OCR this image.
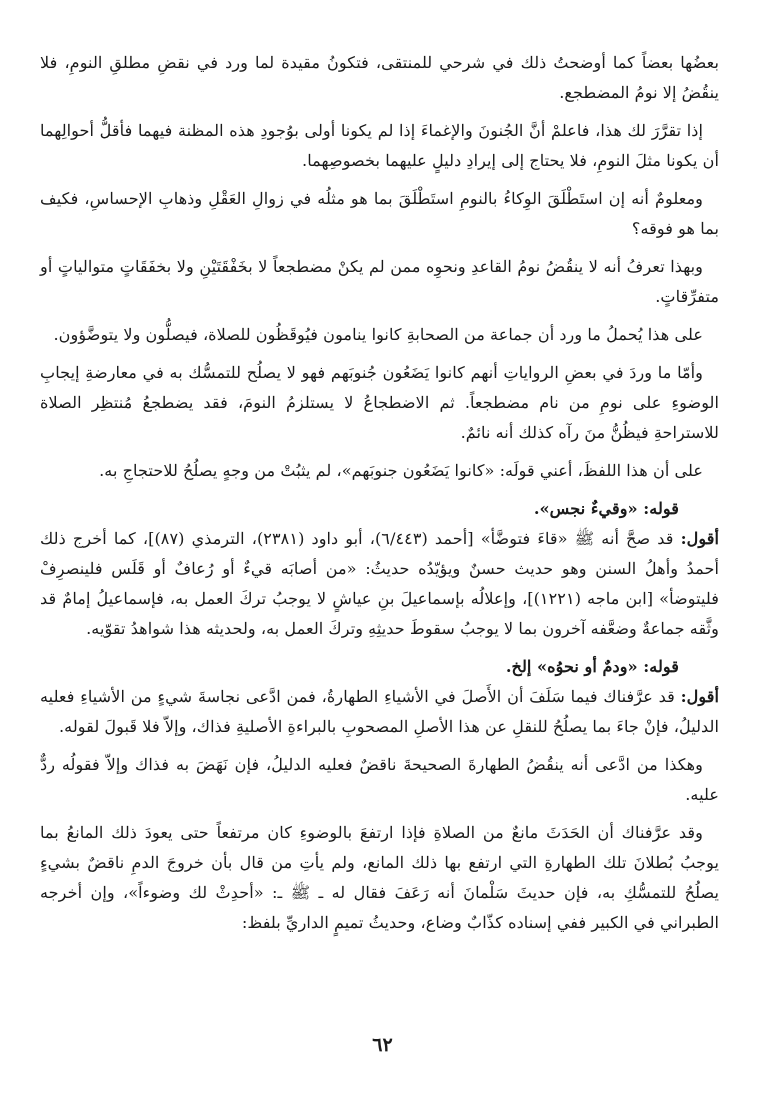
بعضُها بعضاً كما أوضحتُ ذلك في شرحي للمنتقى، فتكونُ مقيدة لما ورد في نقضِ مطلقِ النومِ، فلا ينقُضُ إلا نومُ المضطجع.

إذا تقرَّرَ لك هذا، فاعلمْ أنَّ الجُنونَ والإغماءَ إذا لم يكونا أولى بوُجودِ هذه المظنة فيهما فأقلُّ أحوالِهما أن يكونا مثلَ النومِ، فلا يحتاج إلى إيرادِ دليلٍ عليهما بخصوصِهما.

ومعلومٌ أنه إن استَطْلَقَ الوِكاءُ بالنومِ استَطْلَقَ بما هو مثلُه في زوالِ العَقْلِ وذهابِ الإحساسِ، فكيف بما هو فوقه؟

وبهذا تعرفُ أنه لا ينقُضُ نومُ القاعدِ ونحوِه ممن لم يكنْ مضطجعاً لا بخَفْقَتَيْنِ ولا بخفَقَاتٍ متوالياتٍ أو متفرِّقاتٍ.

على هذا يُحملُ ما ورد أن جماعة من الصحابةِ كانوا ينامون فيُوقَظُون للصلاة، فيصلُّون ولا يتوضَّؤون.

وأمّا ما وردَ في بعضِ الرواياتِ أنهم كانوا يَضَعُون جُنوبَهم فهو لا يصلُح للتمسُّك به في معارضةِ إيجابِ الوضوءِ على نومِ من نام مضطجعاً. ثم الاضطجاعُ لا يستلزمُ النومَ، فقد يضطجعُ مُنتظِر الصلاة للاستراحةِ فيظُنُّ منَ رآه كذلك أنه نائمٌ.

على أن هذا اللفظَ، أعني قولَه: «كانوا يَضَعُون جنوبَهم»، لم يثبُتْ من وجهٍ يصلُحُ للاحتجاجِ به.

قوله: «وقيءٌ نجس».

أقول: قد صحَّ أنه ﷺ «قاءَ فتوضَّأ» [أحمد (٦/٤٤٣)، أبو داود (٢٣٨١)، الترمذي (٨٧)]، كما أخرج ذلك أحمدُ وأهلُ السنن وهو حديث حسنٌ ويؤيّدُه حديثُ: «من أصابَه قيءٌ أو رُعافٌ أو قَلَس فلينصرِفْ فليتوضأ» [ابن ماجه (١٢٢١)]، وإعلالُه بإسماعيلَ بنِ عياشٍ لا يوجبُ تركَ العمل به، فإسماعيلُ إمامٌ قد وثَّقه جماعةٌ وضعَّفه آخرون بما لا يوجبُ سقوطَ حديثِهِ وتركَ العمل به، ولحديثه هذا شواهدُ تقوّيه.

قوله: «ودمٌ أو نحوُه» إلخ.

أقول: قد عرَّفناك فيما سَلَفَ أن الأَصلَ في الأشياءِ الطهارةُ، فمن ادَّعى نجاسةَ شيءٍ من الأشياءِ فعليه الدليلُ، فإنْ جاءَ بما يصلُحُ للنقلِ عن هذا الأصلِ المصحوبِ بالبراءةِ الأصليةِ فذاك، وإلاّ فلا قَبولَ لقوله.

وهكذا من ادَّعى أنه ينقُضُ الطهارةَ الصحيحةَ ناقضٌ فعليه الدليلُ، فإن نَهَضَ به فذاك وإلاّ فقولُه ردٌّ عليه.

وقد عرَّفناك أن الحَدَثَ مانعٌ من الصلاةِ فإذا ارتفعَ بالوضوءِ كان مرتفعاً حتى يعودَ ذلك المانعُ بما يوجبُ بُطلانَ تلك الطهارةِ التي ارتفع بها ذلك المانع، ولم يأتِ من قال بأن خروجَ الدمِ ناقضٌ بشيءٍ يصلُحُ للتمسُّكِ به، فإن حديثَ سَلْمانَ أنه رَعَفَ فقال له ـ ﷺ ـ: «أحدِثْ لك وضوءاً»، وإن أخرجه الطبراني في الكبير ففي إسناده كذّابٌ وضاع، وحديثُ تميمٍ الداريِّ بلفظ:

٦٢
